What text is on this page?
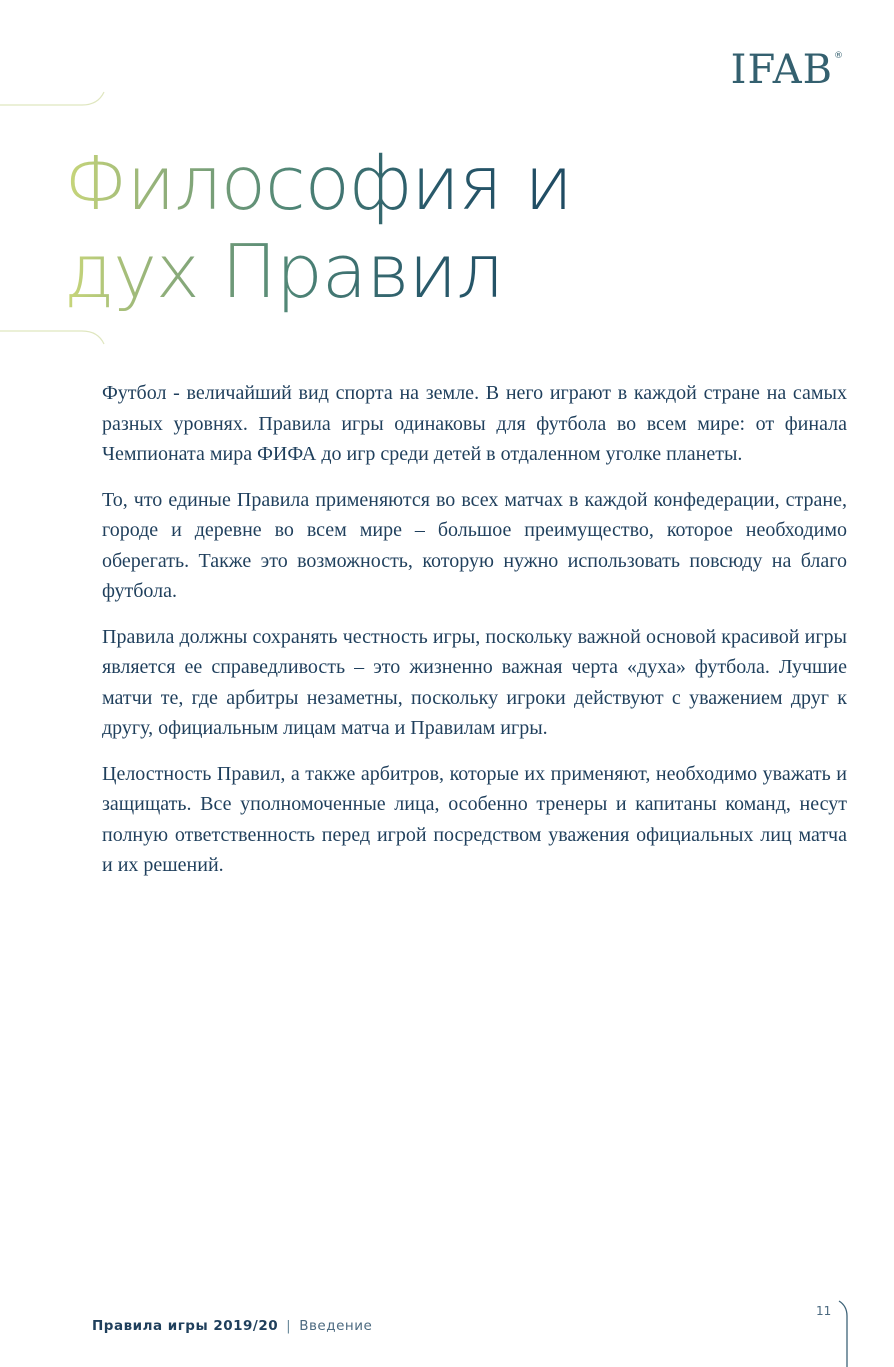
IFAB ®
Философия и
дух Правил

Футбол - величайший вид спорта на земле. В него играют в каждой стране на самых разных уровнях. Правила игры одинаковы для футбола во всем мире: от финала Чемпионата мира ФИФА до игр среди детей в отдаленном уголке планеты.

То, что единые Правила применяются во всех матчах в каждой конфедерации, стране, городе и деревне во всем мире – большое преимущество, которое необходимо оберегать. Также это возможность, которую нужно использовать повсюду на благо футбола.

Правила должны сохранять честность игры, поскольку важной основой красивой игры является ее справедливость – это жизненно важная черта «духа» футбола. Лучшие матчи те, где арбитры незаметны, поскольку игроки действуют с уважением друг к другу, официальным лицам матча и Правилам игры.

Целостность Правил, а также арбитров, которые их применяют, необходимо уважать и защищать. Все уполномоченные лица, особенно тренеры и капитаны команд, несут полную ответственность перед игрой посредством уважения официальных лиц матча и их решений.

Правила игры 2019/20 | Введение
11
